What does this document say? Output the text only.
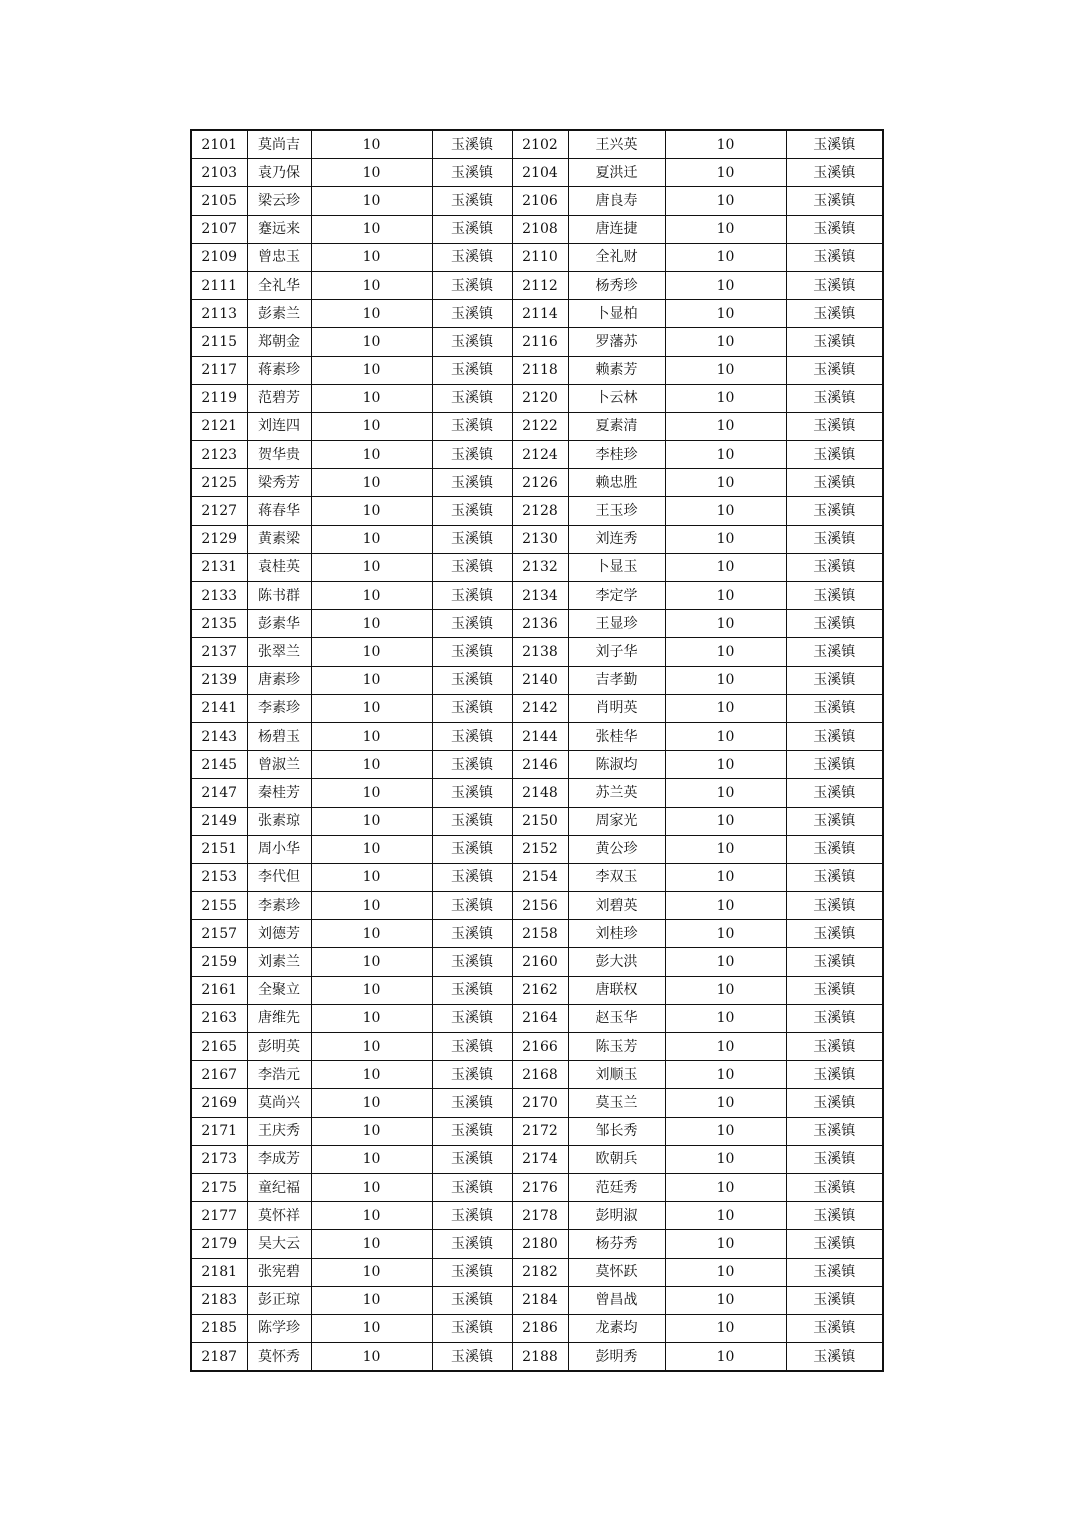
2101	莫尚吉	10	玉溪镇	2102	王兴英	10	玉溪镇
2103	袁乃保	10	玉溪镇	2104	夏洪迁	10	玉溪镇
2105	梁云珍	10	玉溪镇	2106	唐良寿	10	玉溪镇
2107	蹇远来	10	玉溪镇	2108	唐连捷	10	玉溪镇
2109	曾忠玉	10	玉溪镇	2110	全礼财	10	玉溪镇
2111	全礼华	10	玉溪镇	2112	杨秀珍	10	玉溪镇
2113	彭素兰	10	玉溪镇	2114	卜显柏	10	玉溪镇
2115	郑朝金	10	玉溪镇	2116	罗藩苏	10	玉溪镇
2117	蒋素珍	10	玉溪镇	2118	赖素芳	10	玉溪镇
2119	范碧芳	10	玉溪镇	2120	卜云林	10	玉溪镇
2121	刘连四	10	玉溪镇	2122	夏素清	10	玉溪镇
2123	贺华贵	10	玉溪镇	2124	李桂珍	10	玉溪镇
2125	梁秀芳	10	玉溪镇	2126	赖忠胜	10	玉溪镇
2127	蒋春华	10	玉溪镇	2128	王玉珍	10	玉溪镇
2129	黄素梁	10	玉溪镇	2130	刘连秀	10	玉溪镇
2131	袁桂英	10	玉溪镇	2132	卜显玉	10	玉溪镇
2133	陈书群	10	玉溪镇	2134	李定学	10	玉溪镇
2135	彭素华	10	玉溪镇	2136	王显珍	10	玉溪镇
2137	张翠兰	10	玉溪镇	2138	刘子华	10	玉溪镇
2139	唐素珍	10	玉溪镇	2140	吉孝勤	10	玉溪镇
2141	李素珍	10	玉溪镇	2142	肖明英	10	玉溪镇
2143	杨碧玉	10	玉溪镇	2144	张桂华	10	玉溪镇
2145	曾淑兰	10	玉溪镇	2146	陈淑均	10	玉溪镇
2147	秦桂芳	10	玉溪镇	2148	苏兰英	10	玉溪镇
2149	张素琼	10	玉溪镇	2150	周家光	10	玉溪镇
2151	周小华	10	玉溪镇	2152	黄公珍	10	玉溪镇
2153	李代但	10	玉溪镇	2154	李双玉	10	玉溪镇
2155	李素珍	10	玉溪镇	2156	刘碧英	10	玉溪镇
2157	刘德芳	10	玉溪镇	2158	刘桂珍	10	玉溪镇
2159	刘素兰	10	玉溪镇	2160	彭大洪	10	玉溪镇
2161	全聚立	10	玉溪镇	2162	唐联权	10	玉溪镇
2163	唐维先	10	玉溪镇	2164	赵玉华	10	玉溪镇
2165	彭明英	10	玉溪镇	2166	陈玉芳	10	玉溪镇
2167	李浩元	10	玉溪镇	2168	刘顺玉	10	玉溪镇
2169	莫尚兴	10	玉溪镇	2170	莫玉兰	10	玉溪镇
2171	王庆秀	10	玉溪镇	2172	邹长秀	10	玉溪镇
2173	李成芳	10	玉溪镇	2174	欧朝兵	10	玉溪镇
2175	童纪福	10	玉溪镇	2176	范廷秀	10	玉溪镇
2177	莫怀祥	10	玉溪镇	2178	彭明淑	10	玉溪镇
2179	吴大云	10	玉溪镇	2180	杨芬秀	10	玉溪镇
2181	张宪碧	10	玉溪镇	2182	莫怀跃	10	玉溪镇
2183	彭正琼	10	玉溪镇	2184	曾昌战	10	玉溪镇
2185	陈学珍	10	玉溪镇	2186	龙素均	10	玉溪镇
2187	莫怀秀	10	玉溪镇	2188	彭明秀	10	玉溪镇
